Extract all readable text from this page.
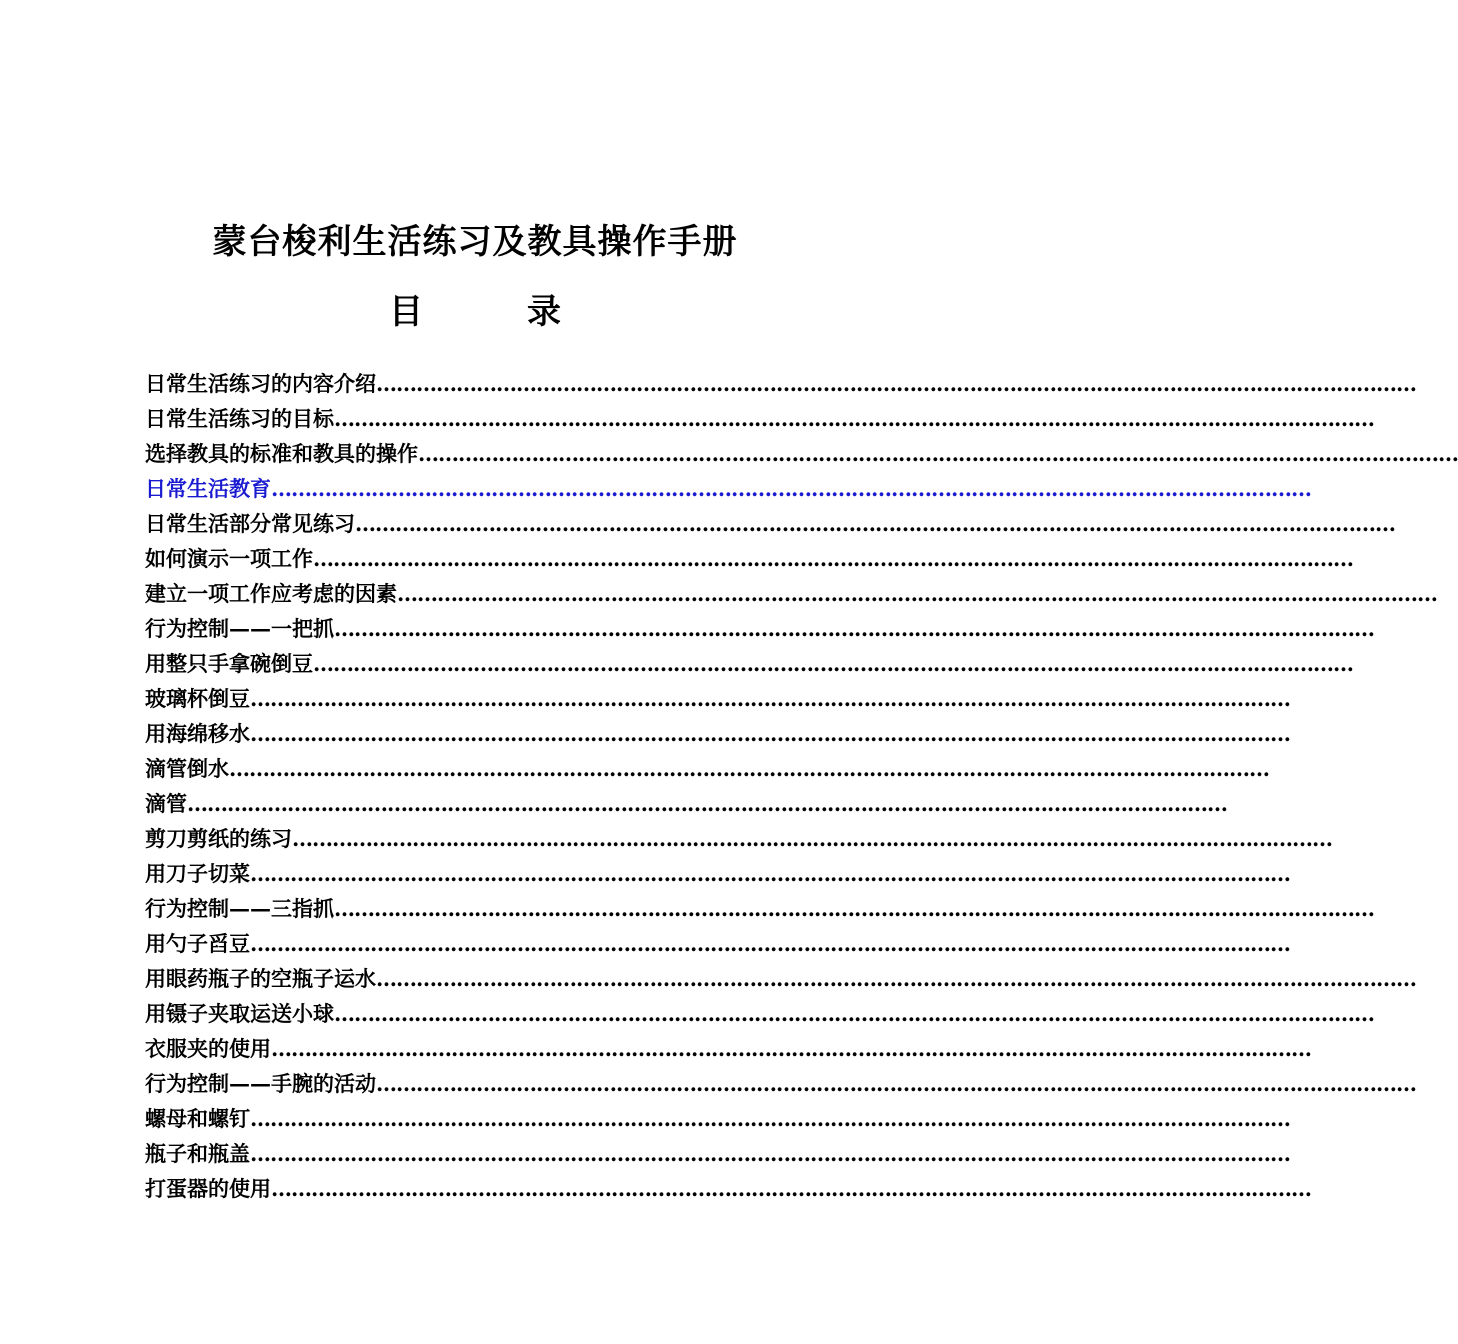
蒙台梭利生活练习及教具操作手册
目	录
日常生活练习的内容介绍 …………………………………………………………………………………………………………………………………………
日常生活练习的目标 …………………………………………………………………………………………………………………………………………
选择教具的标准和教具的操作 …………………………………………………………………………………………………………………………………………
日常生活教育 …………………………………………………………………………………………………………………………………………
日常生活部分常见练习 …………………………………………………………………………………………………………………………………………
如何演示一项工作 …………………………………………………………………………………………………………………………………………
建立一项工作应考虑的因素 …………………………………………………………………………………………………………………………………………
行为控制——一把抓 …………………………………………………………………………………………………………………………………………
用整只手拿碗倒豆 …………………………………………………………………………………………………………………………………………
玻璃杯倒豆 …………………………………………………………………………………………………………………………………………
用海绵移水 …………………………………………………………………………………………………………………………………………
滴管倒水 …………………………………………………………………………………………………………………………………………
滴管 …………………………………………………………………………………………………………………………………………
剪刀剪纸的练习 …………………………………………………………………………………………………………………………………………
用刀子切菜 …………………………………………………………………………………………………………………………………………
行为控制——三指抓 …………………………………………………………………………………………………………………………………………
用勺子舀豆 …………………………………………………………………………………………………………………………………………
用眼药瓶子的空瓶子运水 …………………………………………………………………………………………………………………………………………
用镊子夹取运送小球 …………………………………………………………………………………………………………………………………………
衣服夹的使用 …………………………………………………………………………………………………………………………………………
行为控制——手腕的活动 …………………………………………………………………………………………………………………………………………
螺母和螺钉 …………………………………………………………………………………………………………………………………………
瓶子和瓶盖 …………………………………………………………………………………………………………………………………………
打蛋器的使用 …………………………………………………………………………………………………………………………………………
